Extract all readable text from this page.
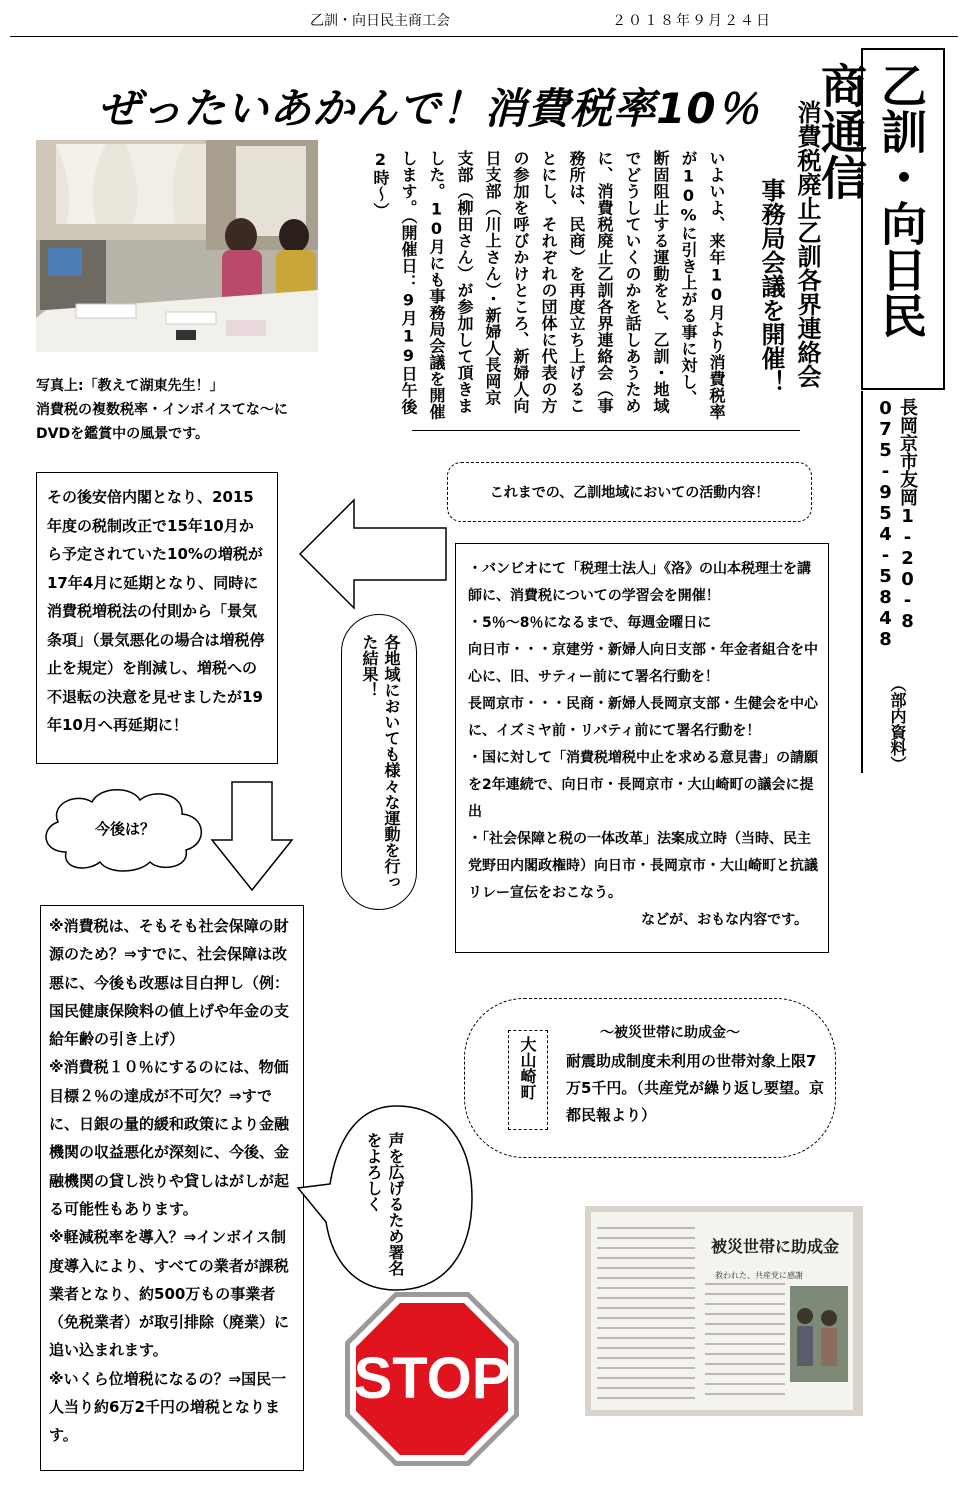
乙訓・向日民主商工会	２０１８年９月２４日
ぜったいあかんで！消費税率10％	乙訓・向日民商通信
長岡京市友岡1-20-8
075-954-5848
（部内資料）
写真上:「教えて湖東先生！」
消費税の複数税率・インボイスてな～に
DVDを鑑賞中の風景です。
消費税廃止乙訓各界連絡会
事務局会議を開催！
いよいよ、来年10月より消費税率が10%に引き上がる事に対し、断固阻止する運動をと、乙訓・地域でどうしていくのかを話しあうために、消費税廃止乙訓各界連絡会（事務所は、民商）を再度立ち上げることにし、それぞれの団体に代表の方の参加を呼びかけところ、新婦人向日支部（川上さん）・新婦人長岡京支部（柳田さん）が参加して頂きました。10月にも事務局会議を開催します。（開催日：9月19日午後2時～）
その後安倍内閣となり、2015年度の税制改正で15年10月から予定されていた10%の増税が17年4月に延期となり、同時に消費税増税法の付則から「景気条項」（景気悪化の場合は増税停止を規定）を削減し、増税への不退転の決意を見せましたが19年10月へ再延期に！
今後は？	各地域においても様々な運動を行った結果！
これまでの、乙訓地域においての活動内容！

・バンビオにて「税理士法人」《洛》の山本税理士を講師に、消費税についての学習会を開催！

・5％～8％になるまで、毎週金曜日に

向日市・・・京建労・新婦人向日支部・年金者組合を中心に、旧、サティー前にて署名行動を！

長岡京市・・・民商・新婦人長岡京支部・生健会を中心に、イズミヤ前・リバティ前にて署名行動を！

・国に対して「消費税増税中止を求める意見書」の請願を2年連続で、向日市・長岡京市・大山崎町の議会に提出

・「社会保障と税の一体改革」法案成立時（当時、民主党野田内閣政権時）向日市・長岡京市・大山崎町と抗議リレー宣伝をおこなう。

などが、おもな内容です。

※消費税は、そもそも社会保障の財源のため？⇒すでに、社会保障は改悪に、今後も改悪は目白押し（例：国民健康保険料の値上げや年金の支給年齢の引き上げ）

※消費税１０％にするのには、物価目標２％の達成が不可欠？⇒すでに、日銀の量的緩和政策により金融機関の収益悪化が深刻に、今後、金融機関の貸し渋りや貸しはがしが起る可能性もあります。

※軽減税率を導入？⇒インボイス制度導入により、すべての業者が課税業者となり、約500万もの事業者（免税業者）が取引排除（廃業）に追い込まれます。

※いくら位増税になるの？⇒国民一人当り約6万2千円の増税となります。

声を広げるため署名をよろしく
STOP
大山崎町
～被災世帯に助成金～
耐震助成制度未利用の世帯対象上限7万5千円。（共産党が繰り返し要望。京都民報より）
被災世帯に助成金
救われた、共産党に感謝
